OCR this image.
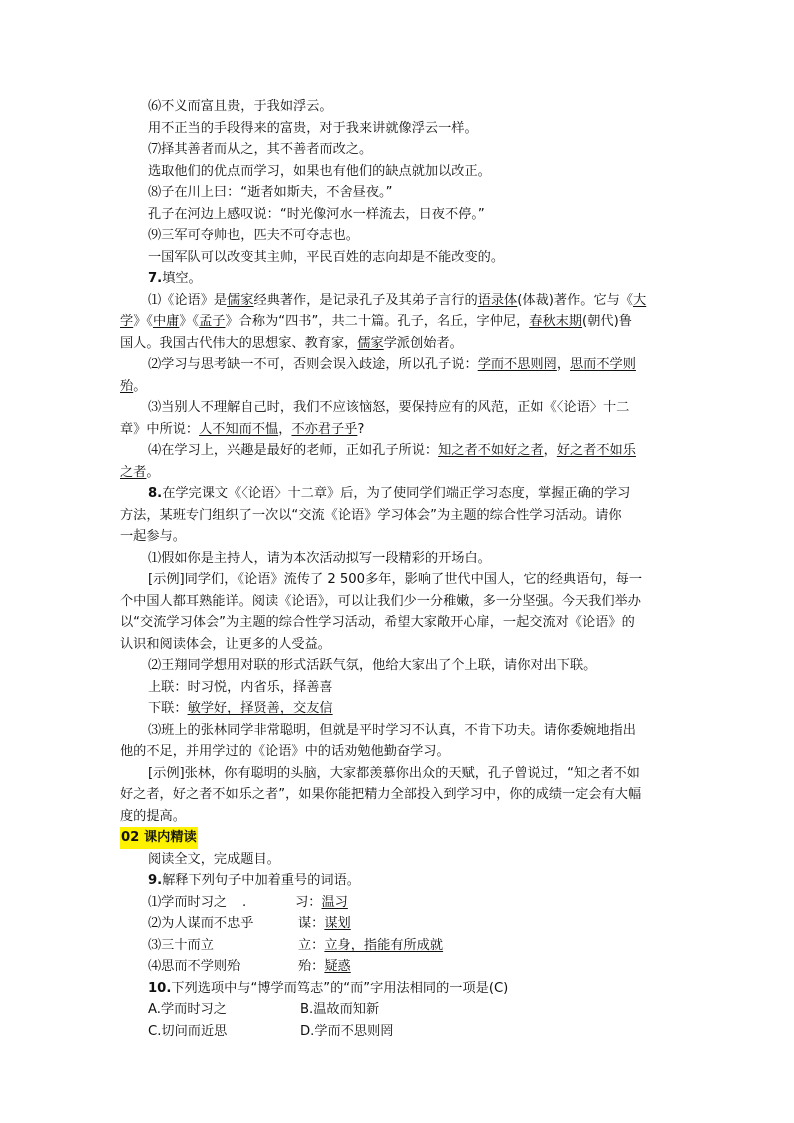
⑹不义而富且贵，于我如浮云。

用不正当的手段得来的富贵，对于我来讲就像浮云一样。

⑺择其善者而从之，其不善者而改之。

选取他们的优点而学习，如果也有他们的缺点就加以改正。

⑻子在川上曰：“逝者如斯夫，不舍昼夜。”

孔子在河边上感叹说：“时光像河水一样流去，日夜不停。”

⑼三军可夺帅也，匹夫不可夺志也。

一国军队可以改变其主帅，平民百姓的志向却是不能改变的。

7.填空。

⑴《论语》是儒家经典著作，是记录孔子及其弟子言行的语录体(体裁)著作。它与《大

学》《中庸》《孟子》合称为“四书”，共二十篇。孔子，名丘，字仲尼，春秋末期(朝代)鲁

国人。我国古代伟大的思想家、教育家，儒家学派创始者。

⑵学习与思考缺一不可，否则会误入歧途，所以孔子说：学而不思则罔，思而不学则

殆。

⑶当别人不理解自己时，我们不应该恼怒，要保持应有的风范，正如《〈论语〉十二

章》中所说：人不知而不愠，不亦君子乎?

⑷在学习上，兴趣是最好的老师，正如孔子所说：知之者不如好之者，好之者不如乐

之者。

8.在学完课文《〈论语〉十二章》后，为了使同学们端正学习态度，掌握正确的学习

方法，某班专门组织了一次以“交流《论语》学习体会”为主题的综合性学习活动。请你

一起参与。

⑴假如你是主持人，请为本次活动拟写一段精彩的开场白。

[示例]同学们，《论语》流传了 2 500多年，影响了世代中国人，它的经典语句，每一

个中国人都耳熟能详。阅读《论语》，可以让我们少一分稚嫩，多一分坚强。今天我们举办

以“交流学习体会”为主题的综合性学习活动，希望大家敞开心扉，一起交流对《论语》的

认识和阅读体会，让更多的人受益。

⑵王翔同学想用对联的形式活跃气氛，他给大家出了个上联，请你对出下联。

上联：时习悦，内省乐，择善喜

下联：敏学好，择贤善，交友信

⑶班上的张林同学非常聪明，但就是平时学习不认真，不肯下功夫。请你委婉地指出

他的不足，并用学过的《论语》中的话劝勉他勤奋学习。

[示例]张林，你有聪明的头脑，大家都羡慕你出众的天赋，孔子曾说过，“知之者不如

好之者，好之者不如乐之者”，如果你能把精力全部投入到学习中，你的成绩一定会有大幅

度的提高。

02 课内精读

阅读全文，完成题目。

9.解释下列句子中加着重号的词语。

⑴学而时习之 .	习：温习

⑵为人谋而不忠乎	谋：谋划

⑶三十而立	立：立身，指能有所成就

⑷思而不学则殆	殆：疑惑

10.下列选项中与“博学而笃志”的“而”字用法相同的一项是(C)

A.学而时习之	B.温故而知新

C.切问而近思	D.学而不思则罔
